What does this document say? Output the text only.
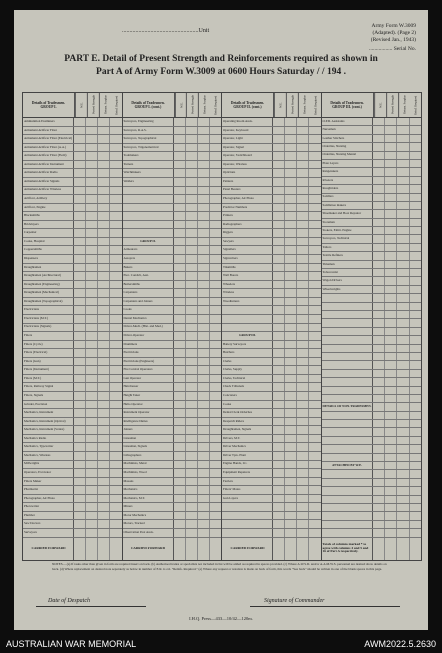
...................................................Unit
Army Form W.3009
(Adapted). (Page 2)
(Revised Jan., 1943)
................. Serial No.
PART E. Detail of Present Strength and Reinforcements required as shown in
Part A of Army Form W.3009 at 0600 Hours Saturday / / 194 .
Details of Tradesmen.
GROUP I.	W.E.	Posted Strength	Return. Surplus	Reinf. Required
Ammunition Examiners
Armament Artificer Fitter
Armament Artificer Fitter (Electrical)
Armament Artificer Fitter (A.A.)
Armament Artificer Fitter (Field)
Armament Artificer Instrument
Armament Artificer Radio
Armament Artificer Signals
Armament Artificer Wireless
Artificer, Artillery
Artificer, Engine
Blacksmiths
Bricklayers
Carpenter
Cooks, Hospital
Coppersmiths
Dispensers
Draughtsmen
Draughtsmen (Architectural)
Draughtsmen (Engineering)
Draughtsmen (Mechanical)
Draughtsmen (Topographical)
Electricians
Electricians (M.T.)
Electricians (Signals)
Fitters
Fitters (Cycle)
Fitters (Electrical)
Fitters (Gun)
Fitters (Instrument)
Fitters (M.T.)
Fitters, Railway Signal
Fitters, Signals
Grinder, Precision
Mechanics, Instrument
Mechanics, Instrument (Optical)
Mechanics, Instrument (Scales)
Mechanics Radio
Mechanics, Typewriter
Mechanics, Wireless
Millwrights
Operators, Excavator
Fitters Maker
Pharmacist
Photographer, Air Photo
Photowriter
Plumber
Saw Doctors
Surveyors
CARRIED FORWARD
Details of Tradesmen.
GROUP I. (cont.)	W.E.	Posted Strength	Return. Surplus	Reinf. Required
Surveyors, Engineering
Surveyors, R.A.S.
Surveyors, Topographical
Surveyors, Trigonometrical
Toolmakers
Turners
Watchmakers
Welders
GROUP II.
Armourers
Assayers
Bakers
Elec. Conds'n, Asst.
Boilersmiths
Carpenters
Carpenters and Joiners
Cooks
Dental Mechanics
Driver-Mech. (Hlst. and Med.)
Driver-Operator
Drummers
Electricians
Electricians (Engineers)
Fire Control Operators
Gun Operator
Hairdresser
Height Taker
Helio Operator
Instrument Operator
Intelligence Duties
Joiners
Linesman
Linesman, Signals
Lithographers
Machinists, Metal
Machinists, Wood
Masons
Mechanics
Mechanics, M.T.
Miners
Motor Mechanics
Motors, Tracked
Observation Post Assts.
CARRIED FORWARD
Details of Tradesmen.
GROUP II. (cont.)	W.E.	Posted Strength	Return. Surplus	Reinf. Required
Operating Room Assts.
Operator, Keyboard
Operator, Light
Operator, Signal
Operator, Switchboard
Operator, Wireless
Opticians
Painters
Panel Beaters
Photographer, Air Photo
Predictor Numbers
Printers
Radiographers
Riggers
Sawyers
Signallers
Signwriters
Tinsmiths
Wall Borers
Wheelers
Wireless
Woodturners
GROUP III.
Battery Surveyors
Butchers
Clerks
Clerks, Supply
Clerks, Technical
Check Tribunals
Concreters
Cooks
Dental Clerk Orderlies
Despatch Riders
Draughtsmen, Signals
Drivers, M.T.
Driver Mechanics
Driver Tpts. Plant
Engine Hands, I.C.
Equipment Repairers
Farriers
Fitters' Mates
Gun Layers
CARRIED FORWARD
Details of Tradesmen.
GROUP III. (cont.)	W.E.	Posted Strength	Return. Surplus	Reinf. Required
O.P.D. Assistants
Nursemen
Leather Stitchers
Orderlies, Nursing
Orderlies, Nursing Mental
Plate Layers
Rangetakers
Riveters
Roughriders
Saddlers
Saddletree makers
Shoemaker and Boot Repairer
Storemen
Stokers, Elmtr. Engine
Surveyors, Technical
Tailors
Textile Refiners
Timemen
Tobacconist
Wagon Drivers
Wheelwrights
DETAILS OF NON-TRADESMEN.
ATTACHED BY W.E.
Totals of columns marked * to agree with columns 4 and 5 and 16 of Part A respectively.
NOTES.—(a) If tasks other than given in form are required insert on back. (b) Authorised trades or specialists not included in list will be added as required in spaces provided. (c) Where A.W.S.D. and/or A.A.M.W.S. personnel are desired show details on back. (d) Where replacement on desired note separately as below in number of E.R. is col. "Reinfs. Required." (e) Where any request or notation is made on back of form, this words "See back" should be written in one of the blank spaces in this page.
Date of Despatch	Signature of Commander
I.H.Q. Press—433—10/42—120m.
AUSTRALIAN WAR MEMORIAL	AWM2022.5.2630
